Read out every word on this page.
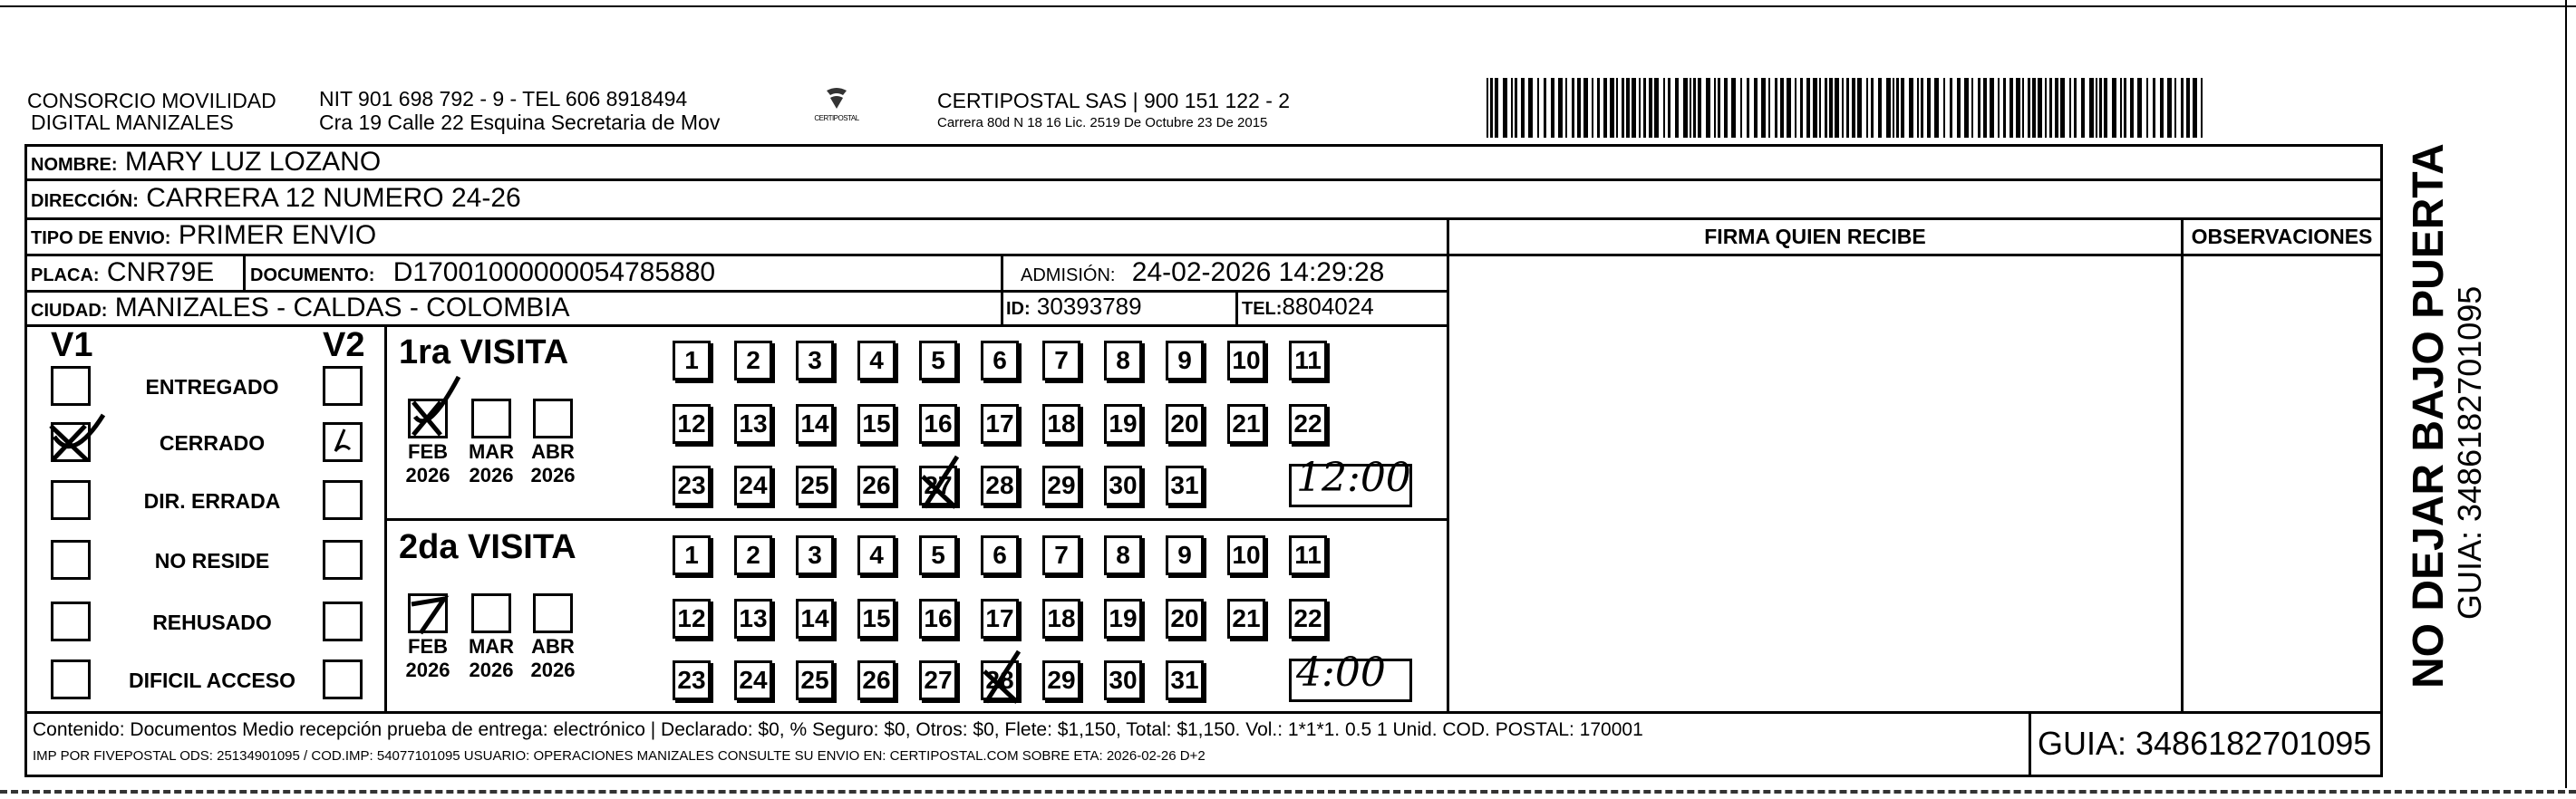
CONSORCIO MOVILIDAD
DIGITAL MANIZALES
NIT 901 698 792 - 9 - TEL 606 8918494
Cra 19 Calle 22 Esquina Secretaria de Mov	CERTIPOSTAL
CERTIPOSTAL SAS | 900 151 122 - 2
Carrera 80d N 18 16 Lic. 2519 De Octubre 23 De 2015
NOMBRE: MARY LUZ LOZANO
DIRECCIÓN: CARRERA 12 NUMERO 24-26
TIPO DE ENVIO: PRIMER ENVIO
PLACA: CNR79E DOCUMENTO: D17001000000054785880	ADMISIÓN: 24-02-2026 14:29:28
CIUDAD: MANIZALES - CALDAS - COLOMBIA	ID: 30393789	TEL:8804024
FIRMA QUIEN RECIBE	OBSERVACIONES
V1	V2
ENTREGADO
CERRADO
DIR. ERRADA
NO RESIDE
REHUSADO
DIFICIL ACCESO
1ra VISITA
FEB
2026
MAR
2026
ABR
2026
1	2	3	4	5	6	7	8	9	10 11
12 13 14 15 16 17 18 19 20 21 22
23 24 25 26 27 28 29 30 31 12:00
2da VISITA
FEB
2026
MAR
2026
ABR
2026
1	2	3	4	5	6	7	8	9	10 11
12 13 14 15 16 17 18 19 20 21 22
23 24 25 26 27 28 29 30 31 4:00
Contenido: Documentos Medio recepción prueba de entrega: electrónico | Declarado: $0, % Seguro: $0, Otros: $0, Flete: $1,150, Total: $1,150. Vol.: 1*1*1. 0.5 1 Unid. COD. POSTAL: 170001
IMP POR FIVEPOSTAL ODS: 25134901095 / COD.IMP: 54077101095 USUARIO: OPERACIONES MANIZALES CONSULTE SU ENVIO EN: CERTIPOSTAL.COM SOBRE ETA: 2026-02-26 D+2	GUIA: 3486182701095
NO DEJAR BAJO PUERTA
GUIA: 3486182701095
